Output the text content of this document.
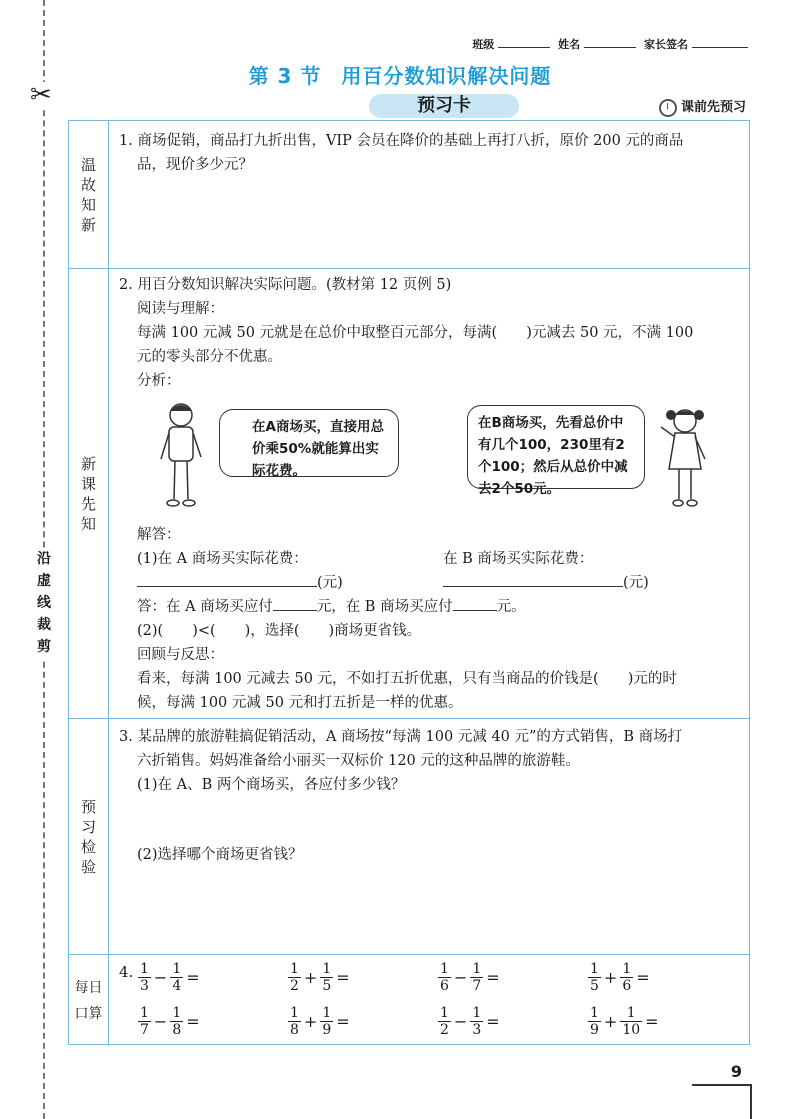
✂
沿
虚
线
裁
剪
班级	姓名	家长签名
第 3 节 用百分数知识解决问题
预习卡	课前先预习
温
故
知
新

1. 商场促销，商品打九折出售，VIP 会员在降价的基础上再打八折，原价 200 元的商品

品，现价多少元？

新
课
先
知

2. 用百分数知识解决实际问题。(教材第 12 页例 5)

阅读与理解：

每满 100 元减 50 元就是在总价中取整百元部分，每满(　　)元减去 50 元，不满 100

元的零头部分不优惠。

分析：

在A商场买，直接用总价乘50%就能算出实际花费。
在B商场买，先看总价中有几个100，230里有2个100；然后从总价中减去2个50元。

解答：

(1)在 A 商场买实际花费：	在 B 商场买实际花费：

(元)	(元)

答：在 A 商场买应付	元，在 B 商场买应付	元。

(2)(　　)<(　　)，选择(　　)商场更省钱。

回顾与反思：

看来，每满 100 元减去 50 元，不如打五折优惠，只有当商品的价钱是(　　)元的时

候，每满 100 元减 50 元和打五折是一样的优惠。

预
习
检
验

3. 某品牌的旅游鞋搞促销活动，A 商场按“每满 100 元减 40 元”的方式销售，B 商场打

六折销售。妈妈准备给小丽买一双标价 120 元的这种品牌的旅游鞋。

(1)在 A、B 两个商场买，各应付多少钱？

(2)选择哪个商场更省钱？

每日
口算
4. $\frac{1}{3} - \frac{1}{4}$ =	$\frac{1}{2} + \frac{1}{5}$ =	$\frac{1}{6} - \frac{1}{7}$ =	$\frac{1}{5} + \frac{1}{6}$ =
$\frac{1}{7} - \frac{1}{8}$ =	$\frac{1}{8} + \frac{1}{9}$ =	$\frac{1}{2} - \frac{1}{3}$ =	$\frac{1}{9} + \frac{1}{10}$ =
9
